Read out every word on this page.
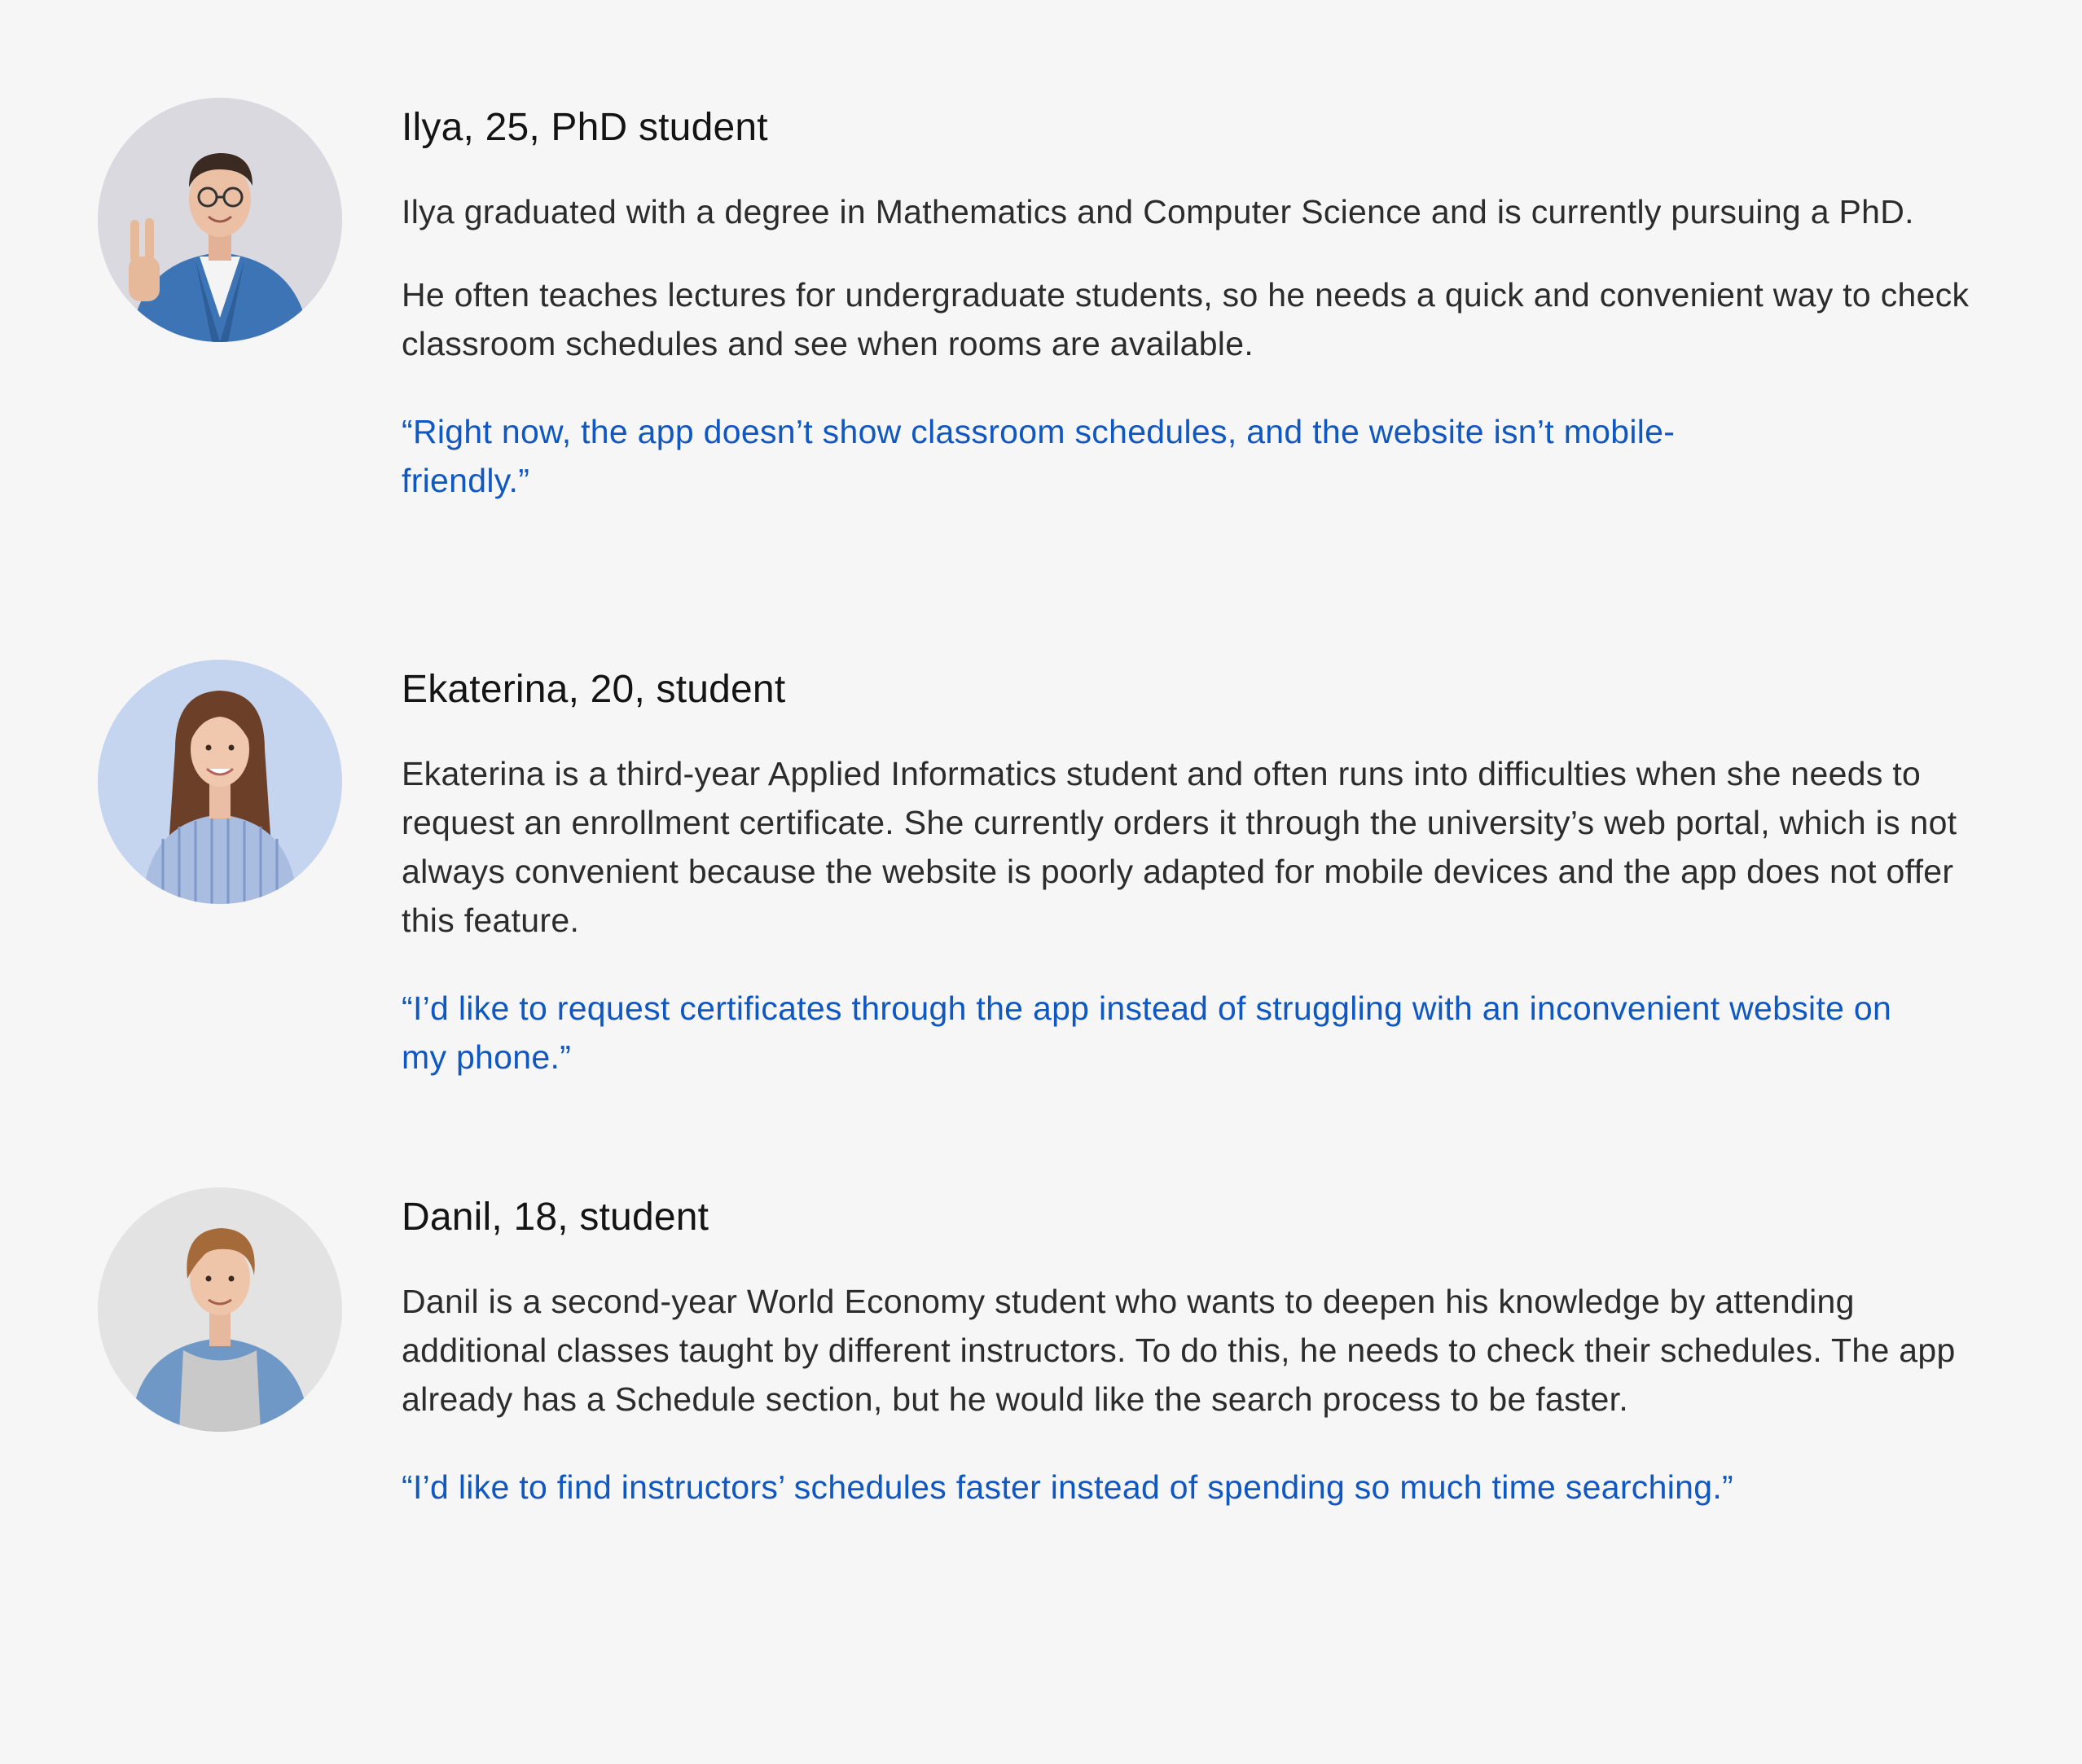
Ilya, 25, PhD student

Ilya graduated with a degree in Mathematics and Computer Science and is currently pursuing a PhD.

He often teaches lectures for undergraduate students, so he needs a quick and convenient way to check classroom schedules and see when rooms are available.

“Right now, the app doesn’t show classroom schedules, and the website isn’t mobile-friendly.”

Ekaterina, 20, student

Ekaterina is a third-year Applied Informatics student and often runs into difficulties when she needs to request an enrollment certificate. She currently orders it through the university’s web portal, which is not always convenient because the website is poorly adapted for mobile devices and the app does not offer this feature.

“I’d like to request certificates through the app instead of struggling with an inconvenient website on my phone.”

Danil, 18, student

Danil is a second-year World Economy student who wants to deepen his knowledge by attending additional classes taught by different instructors. To do this, he needs to check their schedules. The app already has a Schedule section, but he would like the search process to be faster.

“I’d like to find instructors’ schedules faster instead of spending so much time searching.”
